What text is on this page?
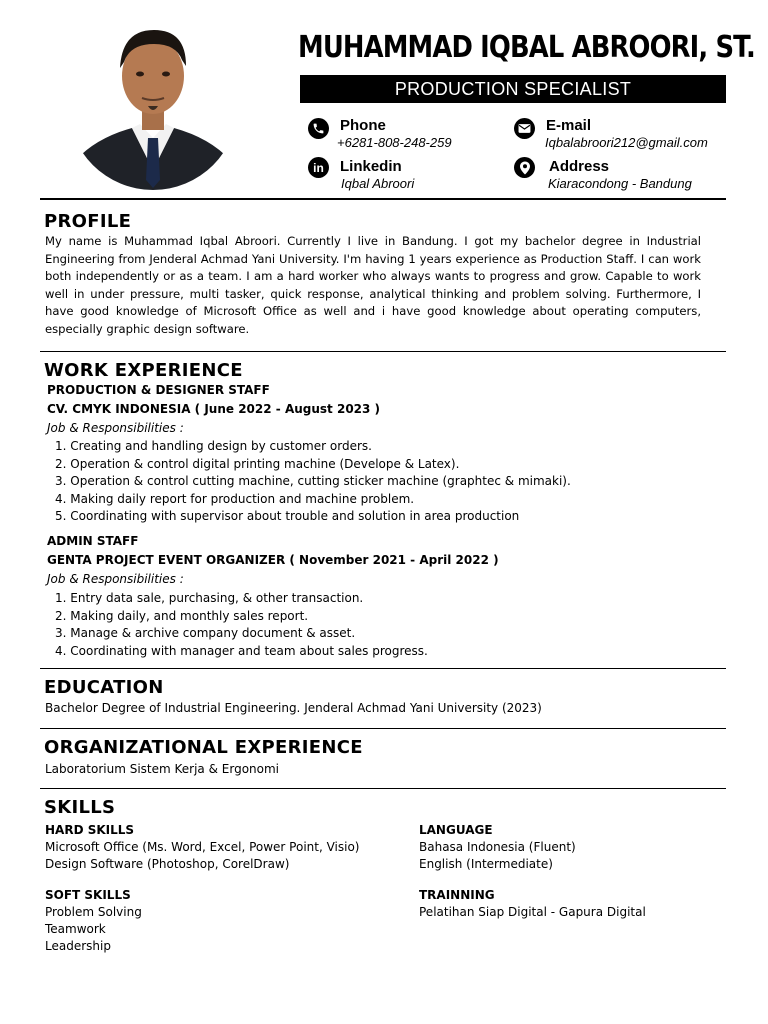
MUHAMMAD IQBAL ABROORI, ST.
PRODUCTION SPECIALIST
Phone
+6281-808-248-259
E-mail
Iqbalabroori212@gmail.com
in Linkedin
Iqbal Abroori
Address
Kiaracondong - Bandung
PROFILE

My name is Muhammad Iqbal Abroori. Currently I live in Bandung. I got my bachelor degree in Industrial Engineering from Jenderal Achmad Yani University. I'm having 1 years experience as Production Staff. I can work both independently or as a team. I am a hard worker who always wants to progress and grow. Capable to work well in under pressure, multi tasker, quick response, analytical thinking and problem solving. Furthermore, I have good knowledge of Microsoft Office as well and i have good knowledge about operating computers, especially graphic design software.

WORK EXPERIENCE
PRODUCTION & DESIGNER STAFF
CV. CMYK INDONESIA ( June 2022 - August 2023 )
Job & Responsibilities :
1. Creating and handling design by customer orders.
2. Operation & control digital printing machine (Develope & Latex).
3. Operation & control cutting machine, cutting sticker machine (graphtec & mimaki).
4. Making daily report for production and machine problem.
5. Coordinating with supervisor about trouble and solution in area production
ADMIN STAFF
GENTA PROJECT EVENT ORGANIZER ( November 2021 - April 2022 )
Job & Responsibilities :
1. Entry data sale, purchasing, & other transaction.
2. Making daily, and monthly sales report.
3. Manage & archive company document & asset.
4. Coordinating with manager and team about sales progress.
EDUCATION
Bachelor Degree of Industrial Engineering. Jenderal Achmad Yani University (2023)
ORGANIZATIONAL EXPERIENCE
Laboratorium Sistem Kerja & Ergonomi
SKILLS
HARD SKILLS
Microsoft Office (Ms. Word, Excel, Power Point, Visio)
Design Software (Photoshop, CorelDraw)
LANGUAGE
Bahasa Indonesia (Fluent)
English (Intermediate)
SOFT SKILLS
Problem Solving
Teamwork
Leadership
TRAINNING
Pelatihan Siap Digital - Gapura Digital
